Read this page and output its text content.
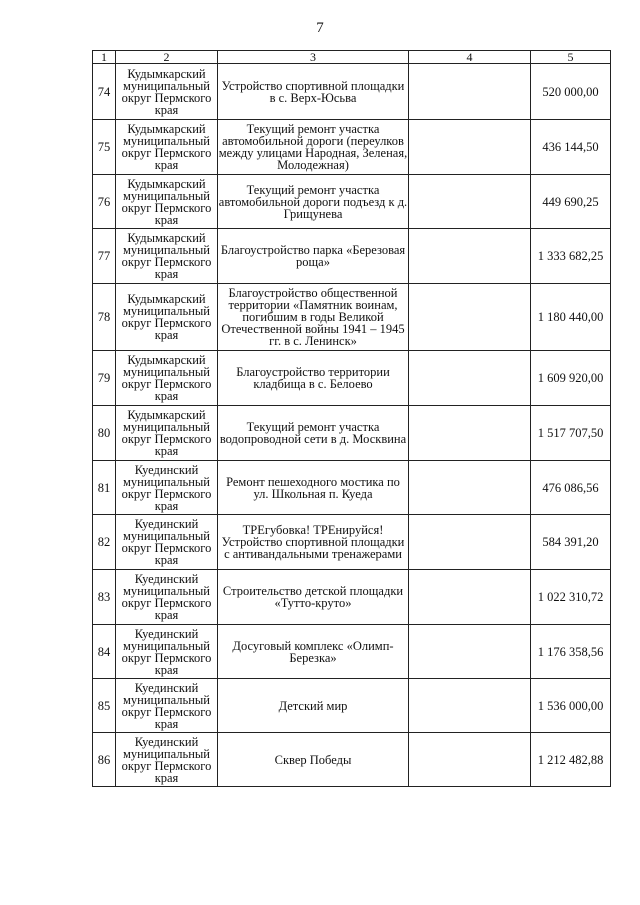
7
1	2	3	4	5
74	Кудымкарский муниципальный округ Пермского края	Устройство спортивной площадки в с. Верх-Юсьва		520 000,00
75	Кудымкарский муниципальный округ Пермского края	Текущий ремонт участка автомобильной дороги (переулков между улицами Народная, Зеленая, Молодежная)		436 144,50
76	Кудымкарский муниципальный округ Пермского края	Текущий ремонт участка автомобильной дороги подъезд к д. Грищунева		449 690,25
77	Кудымкарский муниципальный округ Пермского края	Благоустройство парка «Березовая роща»		1 333 682,25
78	Кудымкарский муниципальный округ Пермского края	Благоустройство общественной территории «Памятник воинам, погибшим в годы Великой Отечественной войны 1941 – 1945 гг. в с. Ленинск»		1 180 440,00
79	Кудымкарский муниципальный округ Пермского края	Благоустройство территории кладбища в с. Белоево		1 609 920,00
80	Кудымкарский муниципальный округ Пермского края	Текущий ремонт участка водопроводной сети в д. Москвина		1 517 707,50
81	Куединский муниципальный округ Пермского края	Ремонт пешеходного мостика по ул. Школьная п. Куеда		476 086,56
82	Куединский муниципальный округ Пермского края	ТРЕгубовка! ТРЕнируйся! Устройство спортивной площадки с антивандальными тренажерами		584 391,20
83	Куединский муниципальный округ Пермского края	Строительство детской площадки «Тутто-круто»		1 022 310,72
84	Куединский муниципальный округ Пермского края	Досуговый комплекс «Олимп-Березка»		1 176 358,56
85	Куединский муниципальный округ Пермского края	Детский мир		1 536 000,00
86	Куединский муниципальный округ Пермского края	Сквер Победы		1 212 482,88
